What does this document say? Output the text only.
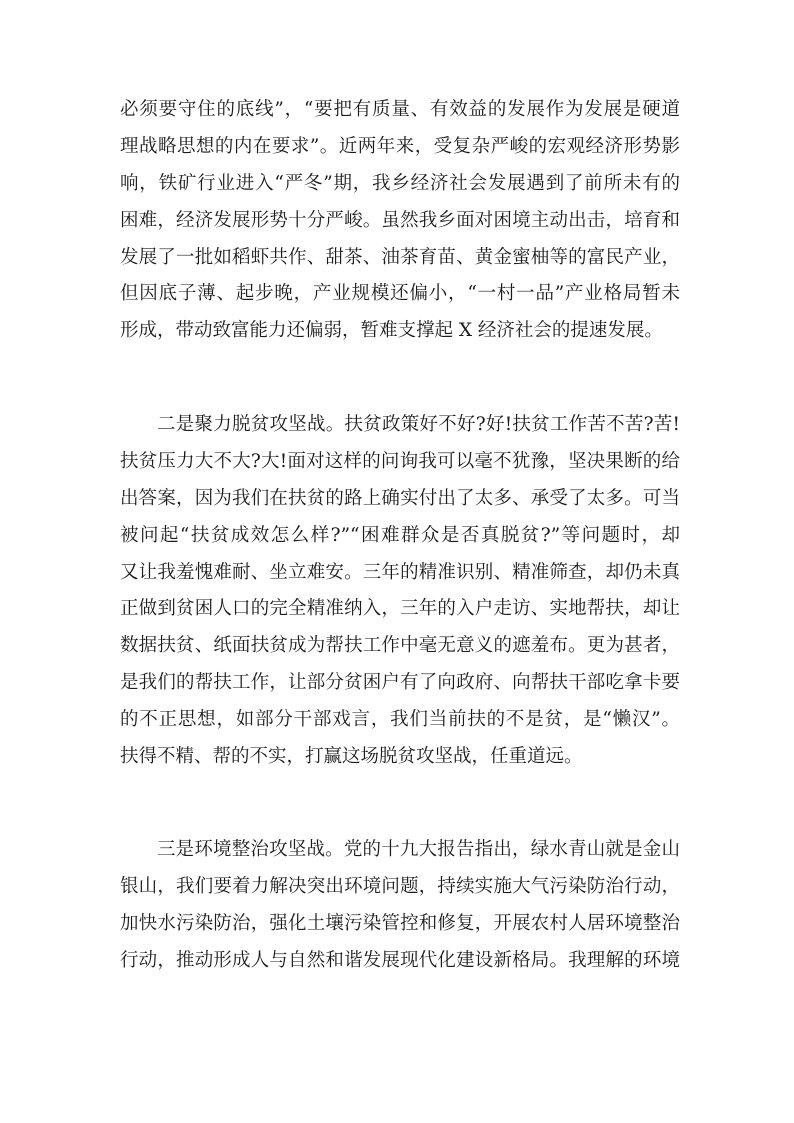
必须要守住的底线”，“要把有质量、有效益的发展作为发展是硬道
理战略思想的内在要求”。近两年来，受复杂严峻的宏观经济形势影
响，铁矿行业进入“严冬”期，我乡经济社会发展遇到了前所未有的
困难，经济发展形势十分严峻。虽然我乡面对困境主动出击，培育和
发展了一批如稻虾共作、甜茶、油茶育苗、黄金蜜柚等的富民产业，
但因底子薄、起步晚，产业规模还偏小，“一村一品”产业格局暂未
形成，带动致富能力还偏弱，暂难支撑起 X 经济社会的提速发展。
二是聚力脱贫攻坚战。扶贫政策好不好?好!扶贫工作苦不苦?苦!
扶贫压力大不大?大!面对这样的问询我可以毫不犹豫，坚决果断的给
出答案，因为我们在扶贫的路上确实付出了太多、承受了太多。可当
被问起“扶贫成效怎么样?”“困难群众是否真脱贫?”等问题时，却
又让我羞愧难耐、坐立难安。三年的精准识别、精准筛查，却仍未真
正做到贫困人口的完全精准纳入，三年的入户走访、实地帮扶，却让
数据扶贫、纸面扶贫成为帮扶工作中毫无意义的遮羞布。更为甚者，
是我们的帮扶工作，让部分贫困户有了向政府、向帮扶干部吃拿卡要
的不正思想，如部分干部戏言，我们当前扶的不是贫，是“懒汉”。
扶得不精、帮的不实，打赢这场脱贫攻坚战，任重道远。
三是环境整治攻坚战。党的十九大报告指出，绿水青山就是金山
银山，我们要着力解决突出环境问题，持续实施大气污染防治行动，
加快水污染防治，强化土壤污染管控和修复，开展农村人居环境整治
行动，推动形成人与自然和谐发展现代化建设新格局。我理解的环境
